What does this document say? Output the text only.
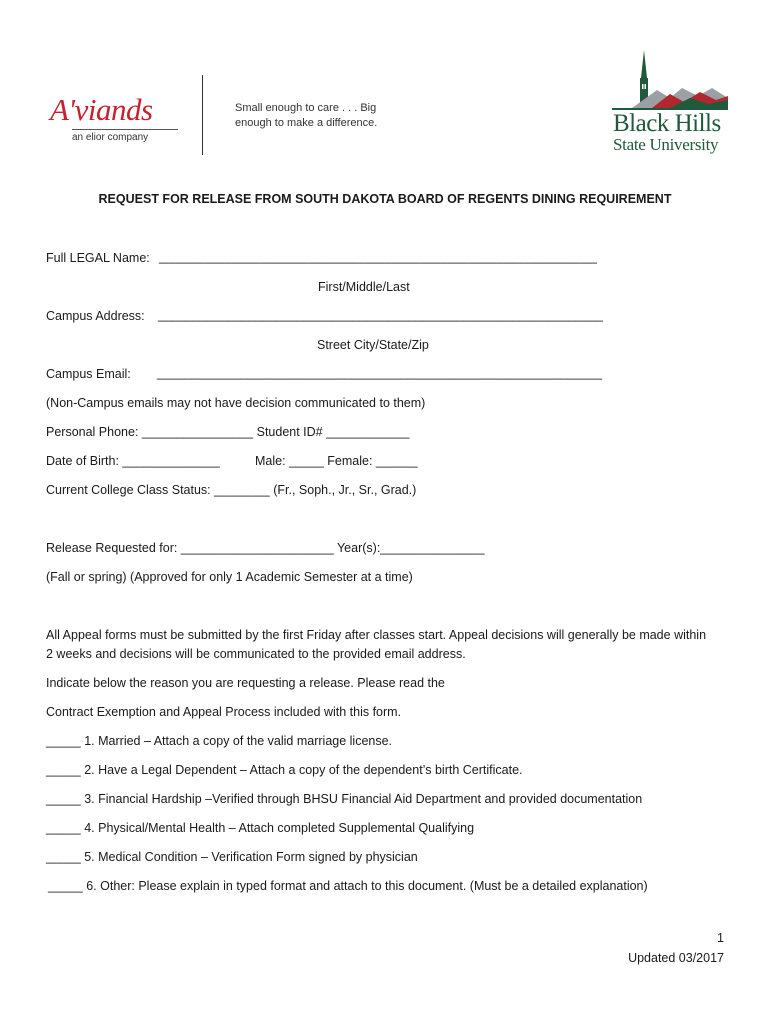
A'viands
an elior company
Small enough to care . . . Big
enough to make a difference.	Black Hills
State University
REQUEST FOR RELEASE FROM SOUTH DAKOTA BOARD OF REGENTS DINING REQUIREMENT
Full LEGAL Name: _______________________________________________________________
First/Middle/Last
Campus Address: ________________________________________________________________
Street City/State/Zip
Campus Email: ________________________________________________________________
(Non-Campus emails may not have decision communicated to them)
Personal Phone: ________________ Student ID# ____________
Date of Birth: ______________	Male: _____ Female: ______
Current College Class Status: ________ (Fr., Soph., Jr., Sr., Grad.)
Release Requested for: ______________________ Year(s):_______________
(Fall or spring) (Approved for only 1 Academic Semester at a time)
All Appeal forms must be submitted by the first Friday after classes start. Appeal decisions will generally be made within
2 weeks and decisions will be communicated to the provided email address.
Indicate below the reason you are requesting a release. Please read the
Contract Exemption and Appeal Process included with this form.
_____ 1. Married – Attach a copy of the valid marriage license.
_____ 2. Have a Legal Dependent – Attach a copy of the dependent’s birth Certificate.
_____ 3. Financial Hardship –Verified through BHSU Financial Aid Department and provided documentation
_____ 4. Physical/Mental Health – Attach completed Supplemental Qualifying
_____ 5. Medical Condition – Verification Form signed by physician
_____ 6. Other: Please explain in typed format and attach to this document. (Must be a detailed explanation)
1
Updated 03/2017
